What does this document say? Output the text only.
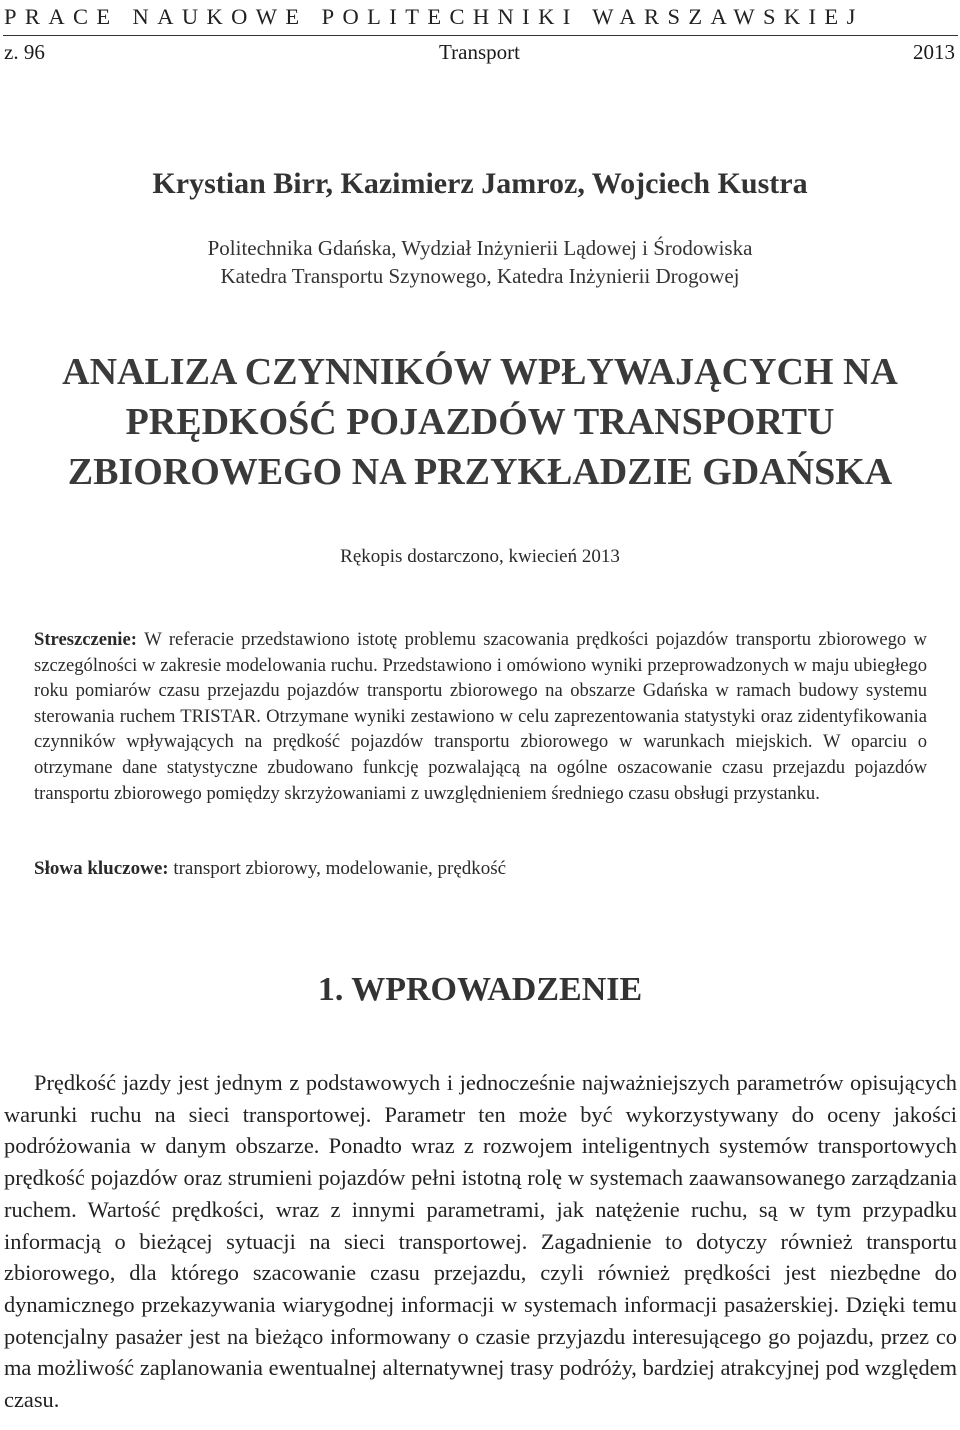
PRACE NAUKOWE POLITECHNIKI WARSZAWSKIEJ
z. 96	Transport	2013
Krystian Birr, Kazimierz Jamroz, Wojciech Kustra
Politechnika Gdańska, Wydział Inżynierii Lądowej i Środowiska
Katedra Transportu Szynowego, Katedra Inżynierii Drogowej
ANALIZA CZYNNIKÓW WPŁYWAJĄCYCH NA
PRĘDKOŚĆ POJAZDÓW TRANSPORTU
ZBIOROWEGO NA PRZYKŁADZIE GDAŃSKA
Rękopis dostarczono, kwiecień 2013
Streszczenie: W referacie przedstawiono istotę problemu szacowania prędkości pojazdów transportu zbiorowego w szczególności w zakresie modelowania ruchu. Przedstawiono i omówiono wyniki przeprowadzonych w maju ubiegłego roku pomiarów czasu przejazdu pojazdów transportu zbiorowego na obszarze Gdańska w ramach budowy systemu sterowania ruchem TRISTAR. Otrzymane wyniki zestawiono w celu zaprezentowania statystyki oraz zidentyfikowania czynników wpływających na prędkość pojazdów transportu zbiorowego w warunkach miejskich. W oparciu o otrzymane dane statystyczne zbudowano funkcję pozwalającą na ogólne oszacowanie czasu przejazdu pojazdów transportu zbiorowego pomiędzy skrzyżowaniami z uwzględnieniem średniego czasu obsługi przystanku.
Słowa kluczowe: transport zbiorowy, modelowanie, prędkość
1. WPROWADZENIE
Prędkość jazdy jest jednym z podstawowych i jednocześnie najważniejszych parametrów opisujących warunki ruchu na sieci transportowej. Parametr ten może być wykorzystywany do oceny jakości podróżowania w danym obszarze. Ponadto wraz z rozwojem inteligentnych systemów transportowych prędkość pojazdów oraz strumieni pojazdów pełni istotną rolę w systemach zaawansowanego zarządzania ruchem. Wartość prędkości, wraz z innymi parametrami, jak natężenie ruchu, są w tym przypadku informacją o bieżącej sytuacji na sieci transportowej. Zagadnienie to dotyczy również transportu zbiorowego, dla którego szacowanie czasu przejazdu, czyli również prędkości jest niezbędne do dynamicznego przekazywania wiarygodnej informacji w systemach informacji pasażerskiej. Dzięki temu potencjalny pasażer jest na bieżąco informowany o czasie przyjazdu interesującego go pojazdu, przez co ma możliwość zaplanowania ewentualnej alternatywnej trasy podróży, bardziej atrakcyjnej pod względem czasu.
